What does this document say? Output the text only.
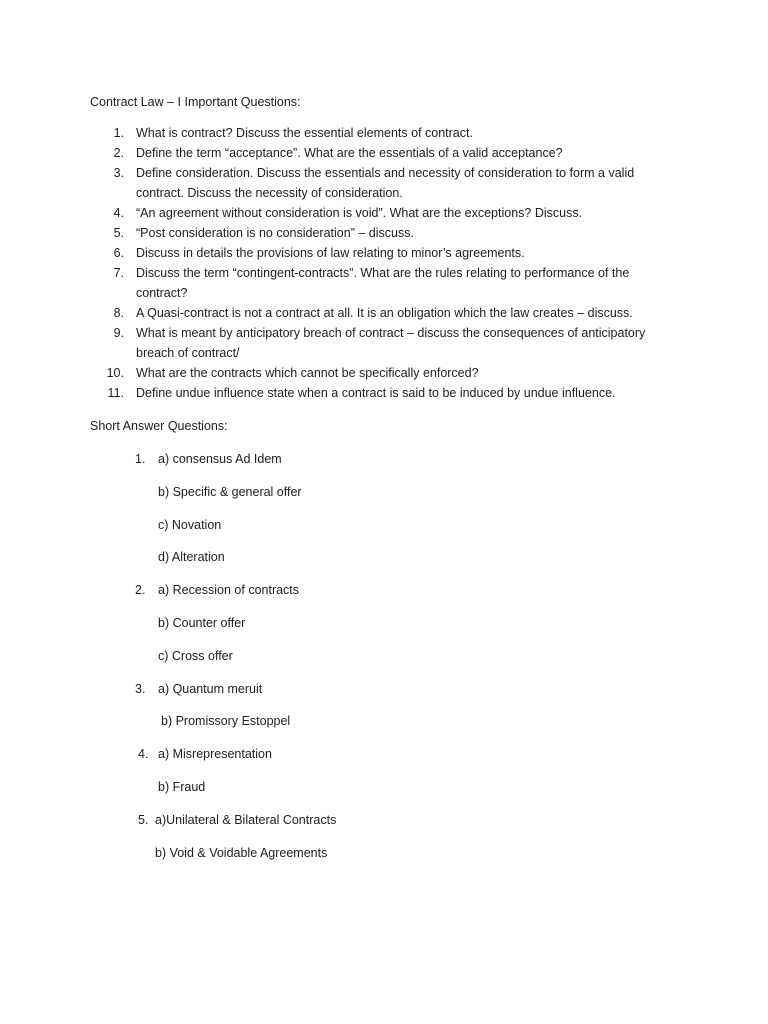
Contract Law – I Important Questions:
1. What is contract? Discuss the essential elements of contract.
2. Define the term “acceptance”. What are the essentials of a valid acceptance?
3. Define consideration. Discuss the essentials and necessity of consideration to form a valid
contract. Discuss the necessity of consideration.
4. “An agreement without consideration is void”. What are the exceptions? Discuss.
5. “Post consideration is no consideration” – discuss.
6. Discuss in details the provisions of law relating to minor’s agreements.
7. Discuss the term “contingent-contracts”. What are the rules relating to performance of the
contract?
8. A Quasi-contract is not a contract at all. It is an obligation which the law creates – discuss.
9. What is meant by anticipatory breach of contract – discuss the consequences of anticipatory
breach of contract/
10. What are the contracts which cannot be specifically enforced?
11. Define undue influence state when a contract is said to be induced by undue influence.
Short Answer Questions:
1. a) consensus Ad Idem
b) Specific & general offer
c) Novation
d) Alteration
2. a) Recession of contracts
b) Counter offer
c) Cross offer
3. a) Quantum meruit
b) Promissory Estoppel
4. a) Misrepresentation
b) Fraud
5. a)Unilateral & Bilateral Contracts
b) Void & Voidable Agreements
